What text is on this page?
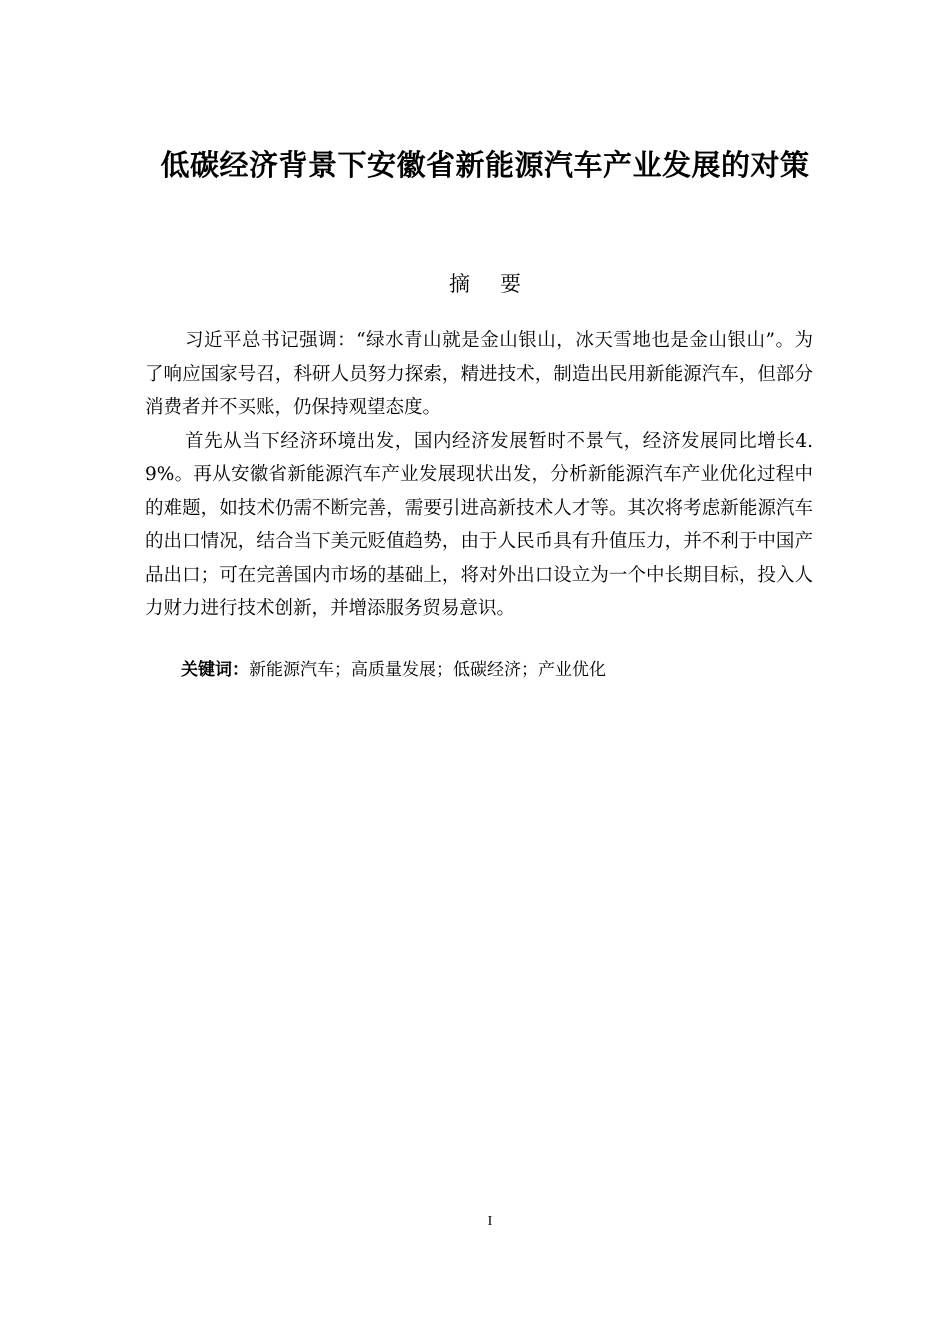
低碳经济背景下安徽省新能源汽车产业发展的对策
摘要

习近平总书记强调：“绿水青山就是金山银山，冰天雪地也是金山银山”。为了响应国家号召，科研人员努力探索，精进技术，制造出民用新能源汽车，但部分消费者并不买账，仍保持观望态度。

首先从当下经济环境出发，国内经济发展暂时不景气，经济发展同比增长4.9%。再从安徽省新能源汽车产业发展现状出发，分析新能源汽车产业优化过程中的难题，如技术仍需不断完善，需要引进高新技术人才等。其次将考虑新能源汽车的出口情况，结合当下美元贬值趋势，由于人民币具有升值压力，并不利于中国产品出口；可在完善国内市场的基础上，将对外出口设立为一个中长期目标，投入人力财力进行技术创新，并增添服务贸易意识。

关键词：新能源汽车；高质量发展；低碳经济；产业优化
I
